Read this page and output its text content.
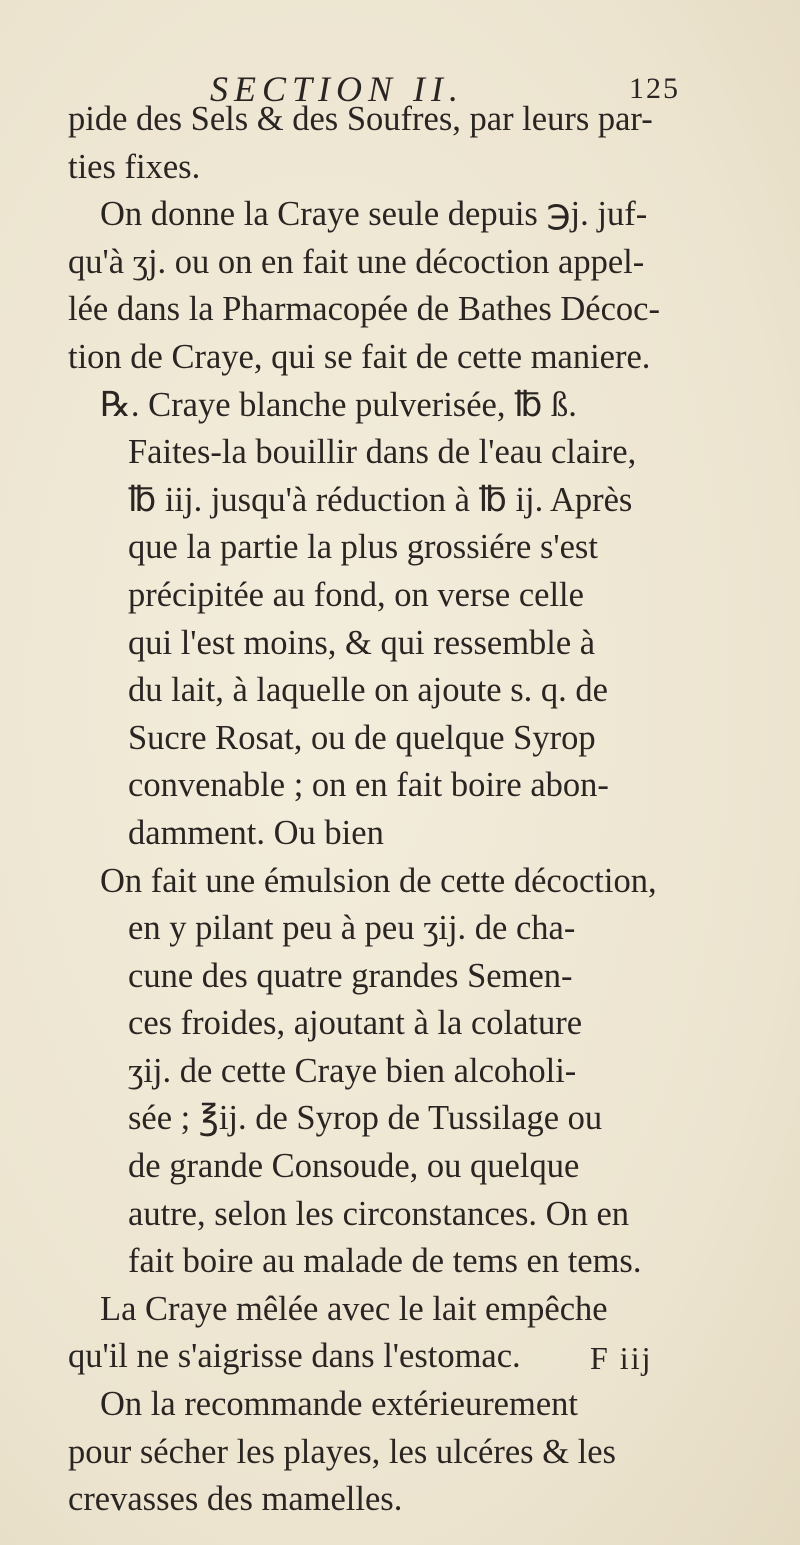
SECTION II.	125
pide des Sels & des Soufres, par leurs par-
ties fixes.
On donne la Craye seule depuis ℈j. juf-
qu'à ʒj. ou on en fait une décoction appel-
lée dans la Pharmacopée de Bathes Décoc-
tion de Craye, qui se fait de cette maniere.
℞. Craye blanche pulverisée, ℔ ß.
Faites-la bouillir dans de l'eau claire,
℔ iij. jusqu'à réduction à ℔ ij. Après
que la partie la plus grossiére s'est
précipitée au fond, on verse celle
qui l'est moins, & qui ressemble à
du lait, à laquelle on ajoute s. q. de
Sucre Rosat, ou de quelque Syrop
convenable ; on en fait boire abon-
damment. Ou bien
On fait une émulsion de cette décoction,
en y pilant peu à peu ʒij. de cha-
cune des quatre grandes Semen-
ces froides, ajoutant à la colature
ʒij. de cette Craye bien alcoholi-
sée ; ℥ij. de Syrop de Tussilage ou
de grande Consoude, ou quelque
autre, selon les circonstances. On en
fait boire au malade de tems en tems.
La Craye mêlée avec le lait empêche
qu'il ne s'aigrisse dans l'estomac.
On la recommande extérieurement
pour sécher les playes, les ulcéres & les
crevasses des mamelles.
F iij
